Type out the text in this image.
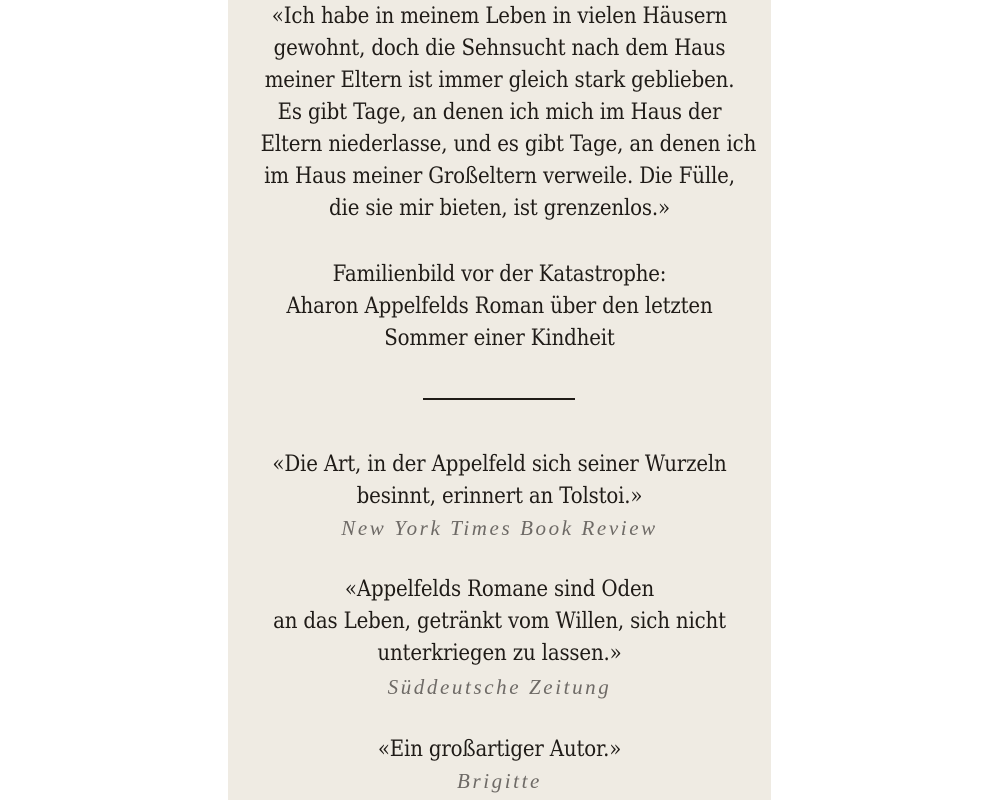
«Ich habe in meinem Leben in vielen Häusern
gewohnt, doch die Sehnsucht nach dem Haus
meiner Eltern ist immer gleich stark geblieben.
Es gibt Tage, an denen ich mich im Haus der
Eltern niederlasse, und es gibt Tage, an denen ich
im Haus meiner Großeltern verweile. Die Fülle,
die sie mir bieten, ist grenzenlos.»
Familienbild vor der Katastrophe:
Aharon Appelfelds Roman über den letzten
Sommer einer Kindheit
«Die Art, in der Appelfeld sich seiner Wurzeln
besinnt, erinnert an Tolstoi.»
New York Times Book Review
«Appelfelds Romane sind Oden
an das Leben, getränkt vom Willen, sich nicht
unterkriegen zu lassen.»
Süddeutsche Zeitung
«Ein großartiger Autor.»
Brigitte
